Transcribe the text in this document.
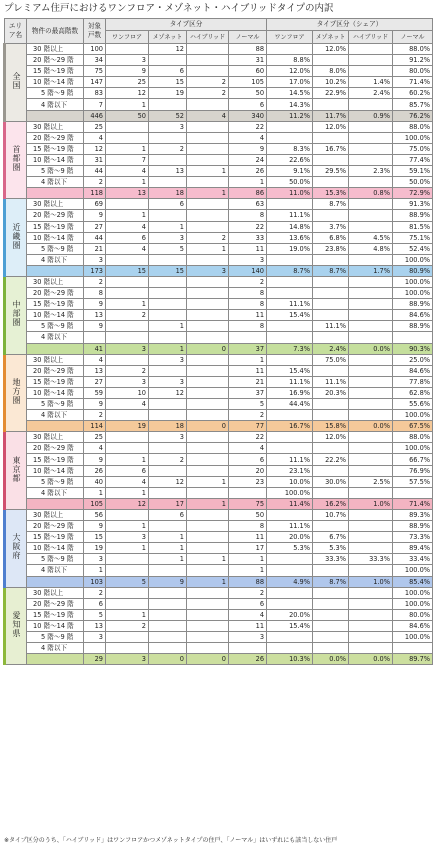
プレミアム住戸におけるワンフロア・メゾネット・ハイブリッドタイプの内訳
エリア名	物件の最高階数	対象戸数	タイプ区分				タイプ区分（シェア）			
			ワンフロア	メゾネット	ハイブリッド	ノーマル	ワンフロア	メゾネット	ハイブリッド	ノーマル
全国	30 階以上	100		12		88		12.0%		88.0%
	20 階～29 階	34	3			31	8.8%			91.2%
	15 階～19 階	75	9	6		60	12.0%	8.0%		80.0%
	10 階～14 階	147	25	15	2	105	17.0%	10.2%	1.4%	71.4%
	5 階～9 階	83	12	19	2	50	14.5%	22.9%	2.4%	60.2%
	4 階以下	7	1			6	14.3%			85.7%
		446	50	52	4	340	11.2%	11.7%	0.9%	76.2%
首都圏	30 階以上	25		3		22		12.0%		88.0%
	20 階～29 階	4				4				100.0%
	15 階～19 階	12	1	2		9	8.3%	16.7%		75.0%
	10 階～14 階	31	7			24	22.6%			77.4%
	5 階～9 階	44	4	13	1	26	9.1%	29.5%	2.3%	59.1%
	4 階以下	2	1			1	50.0%			50.0%
		118	13	18	1	86	11.0%	15.3%	0.8%	72.9%
近畿圏	30 階以上	69		6		63		8.7%		91.3%
	20 階～29 階	9	1			8	11.1%			88.9%
	15 階～19 階	27	4	1		22	14.8%	3.7%		81.5%
	10 階～14 階	44	6	3	2	33	13.6%	6.8%	4.5%	75.1%
	5 階～9 階	21	4	5	1	11	19.0%	23.8%	4.8%	52.4%
	4 階以下	3				3				100.0%
		173	15	15	3	140	8.7%	8.7%	1.7%	80.9%
中部圏	30 階以上	2				2				100.0%
	20 階～29 階	8				8				100.0%
	15 階～19 階	9	1			8	11.1%			88.9%
	10 階～14 階	13	2			11	15.4%			84.6%
	5 階～9 階	9		1		8		11.1%		88.9%
	4 階以下									
		41	3	1	0	37	7.3%	2.4%	0.0%	90.3%
地方圏	30 階以上	4		3		1		75.0%		25.0%
	20 階～29 階	13	2			11	15.4%			84.6%
	15 階～19 階	27	3	3		21	11.1%	11.1%		77.8%
	10 階～14 階	59	10	12		37	16.9%	20.3%		62.8%
	5 階～9 階	9	4			5	44.4%			55.6%
	4 階以下	2				2				100.0%
		114	19	18	0	77	16.7%	15.8%	0.0%	67.5%
東京都	30 階以上	25		3		22		12.0%		88.0%
	20 階～29 階	4				4				100.0%
	15 階～19 階	9	1	2		6	11.1%	22.2%		66.7%
	10 階～14 階	26	6			20	23.1%			76.9%
	5 階～9 階	40	4	12	1	23	10.0%	30.0%	2.5%	57.5%
	4 階以下	1	1				100.0%			
		105	12	17	1	75	11.4%	16.2%	1.0%	71.4%
大阪府	30 階以上	56		6		50		10.7%		89.3%
	20 階～29 階	9	1			8	11.1%			88.9%
	15 階～19 階	15	3	1		11	20.0%	6.7%		73.3%
	10 階～14 階	19	1	1		17	5.3%	5.3%		89.4%
	5 階～9 階	3		1	1	1		33.3%	33.3%	33.4%
	4 階以下	1				1				100.0%
		103	5	9	1	88	4.9%	8.7%	1.0%	85.4%
愛知県	30 階以上	2				2				100.0%
	20 階～29 階	6				6				100.0%
	15 階～19 階	5	1			4	20.0%			80.0%
	10 階～14 階	13	2			11	15.4%			84.6%
	5 階～9 階	3				3				100.0%
	4 階以下									
		29	3	0	0	26	10.3%	0.0%	0.0%	89.7%
※タイプ区分のうち、「ハイブリッド」はワンフロアかつメゾネットタイプの住戸、「ノーマル」はいずれにも該当しない住戸
